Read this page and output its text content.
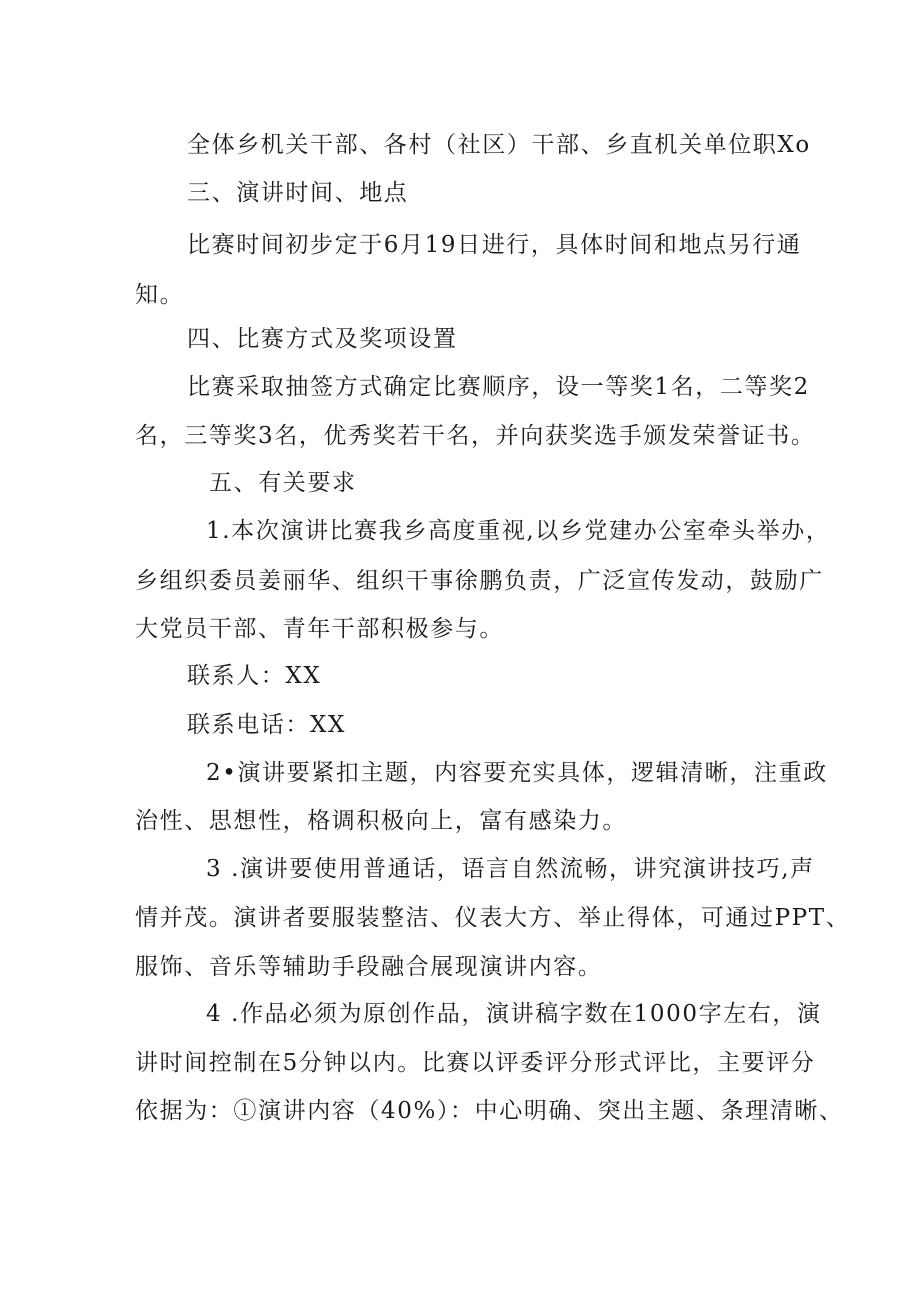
全体乡机关干部、各村（社区）干部、乡直机关单位职Xo
三、演讲时间、地点
比赛时间初步定于6月19日进行，具体时间和地点另行通
知。
四、比赛方式及奖项设置
比赛采取抽签方式确定比赛顺序，设一等奖1名，二等奖2
名，三等奖3名，优秀奖若干名，并向获奖选手颁发荣誉证书。
五、有关要求
1.本次演讲比赛我乡高度重视,以乡党建办公室牵头举办，
乡组织委员姜丽华、组织干事徐鹏负责，广泛宣传发动，鼓励广
大党员干部、青年干部积极参与。
联系人：XX
联系电话：XX
2•演讲要紧扣主题，内容要充实具体，逻辑清晰，注重政
治性、思想性，格调积极向上，富有感染力。
3 .演讲要使用普通话，语言自然流畅，讲究演讲技巧,声
情并茂。演讲者要服装整洁、仪表大方、举止得体，可通过PPT、
服饰、音乐等辅助手段融合展现演讲内容。
4 .作品必须为原创作品，演讲稿字数在1000字左右，演
讲时间控制在5分钟以内。比赛以评委评分形式评比，主要评分
依据为：①演讲内容（40%）：中心明确、突出主题、条理清晰、
